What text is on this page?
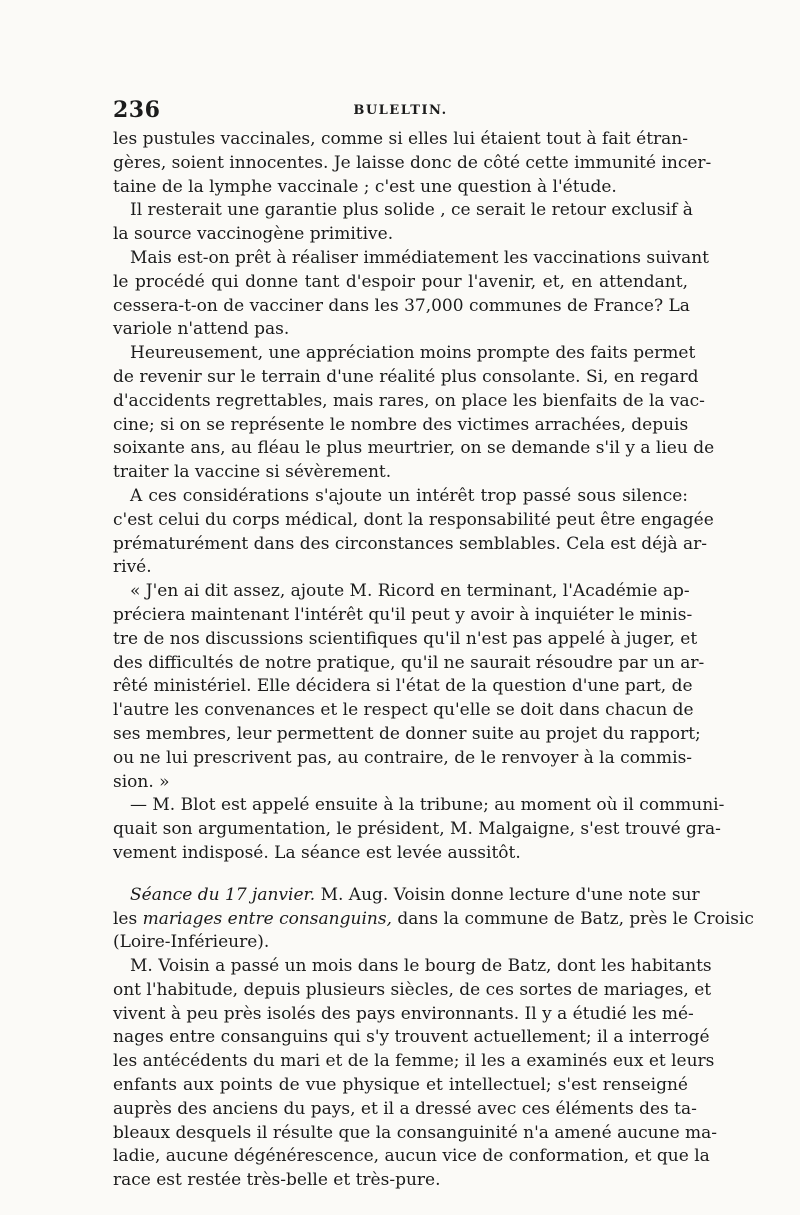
236	BULELTIN.
les pustules vaccinales, comme si elles lui étaient tout à fait étran-
gères, soient innocentes. Je laisse donc de côté cette immunité incer-
taine de la lymphe vaccinale ; c'est une question à l'étude.
Il resterait une garantie plus solide , ce serait le retour exclusif à
la source vaccinogène primitive.
Mais est-on prêt à réaliser immédiatement les vaccinations suivant
le procédé qui donne tant d'espoir pour l'avenir, et, en attendant,
cessera-t-on de vacciner dans les 37,000 communes de France? La
variole n'attend pas.
Heureusement, une appréciation moins prompte des faits permet
de revenir sur le terrain d'une réalité plus consolante. Si, en regard
d'accidents regrettables, mais rares, on place les bienfaits de la vac-
cine; si on se représente le nombre des victimes arrachées, depuis
soixante ans, au fléau le plus meurtrier, on se demande s'il y a lieu de
traiter la vaccine si sévèrement.
A ces considérations s'ajoute un intérêt trop passé sous silence:
c'est celui du corps médical, dont la responsabilité peut être engagée
prématurément dans des circonstances semblables. Cela est déjà ar-
rivé.
« J'en ai dit assez, ajoute M. Ricord en terminant, l'Académie ap-
préciera maintenant l'intérêt qu'il peut y avoir à inquiéter le minis-
tre de nos discussions scientifiques qu'il n'est pas appelé à juger, et
des difficultés de notre pratique, qu'il ne saurait résoudre par un ar-
rêté ministériel. Elle décidera si l'état de la question d'une part, de
l'autre les convenances et le respect qu'elle se doit dans chacun de
ses membres, leur permettent de donner suite au projet du rapport;
ou ne lui prescrivent pas, au contraire, de le renvoyer à la commis-
sion. »
— M. Blot est appelé ensuite à la tribune; au moment où il communi-
quait son argumentation, le président, M. Malgaigne, s'est trouvé gra-
vement indisposé. La séance est levée aussitôt.
Séance du 17 janvier. M. Aug. Voisin donne lecture d'une note sur
les mariages entre consanguins, dans la commune de Batz, près le Croisic
(Loire-Inférieure).
M. Voisin a passé un mois dans le bourg de Batz, dont les habitants
ont l'habitude, depuis plusieurs siècles, de ces sortes de mariages, et
vivent à peu près isolés des pays environnants. Il y a étudié les mé-
nages entre consanguins qui s'y trouvent actuellement; il a interrogé
les antécédents du mari et de la femme; il les a examinés eux et leurs
enfants aux points de vue physique et intellectuel; s'est renseigné
auprès des anciens du pays, et il a dressé avec ces éléments des ta-
bleaux desquels il résulte que la consanguinité n'a amené aucune ma-
ladie, aucune dégénérescence, aucun vice de conformation, et que la
race est restée très-belle et très-pure.
